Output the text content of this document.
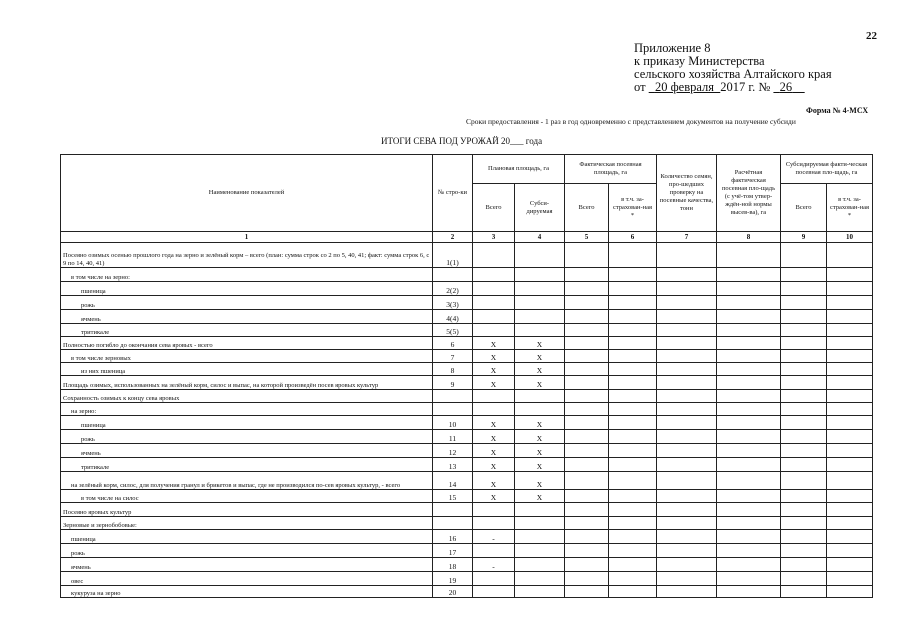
22
Приложение 8
к приказу Министерства
сельского хозяйства Алтайского края
от 20 февраля 2017 г. № 26
Форма № 4-МСХ
Сроки предоставления - 1 раз в год одновременно с представлением документов на получение субсиди
ИТОГИ СЕВА ПОД УРОЖАЙ 20___ года
Наименование показателей	№ стро-ки	Плановая площадь, га		Фактическая посевная площадь, га		Количество семян, про-шедших проверку на посевные качества, тонн	Расчётная фактическая посевная пло-щадь (с учё-том утвер-ждён-ной нормы высев-ва), га	Субсидируемая факти-ческая посевная пло-щадь, га	
		Всего	Субси-дируемая	Всего	в т.ч. за-страхован-ная *			Всего	в т.ч. за-страхован-ная *
1	2	3	4	5	6	7	8	9	10
Посеяно озимых осенью прошлого года на зерно и зелёный корм – всего (план: сумма строк со 2 по 5, 40, 41; факт: сумма строк 6, с 9 по 14, 40, 41)	1(1)								
в том числе на зерно:									
пшеница	2(2)								
рожь	3(3)								
ячмень	4(4)								
тритикале	5(5)								
Полностью погибло до окончания сева яровых - всего	6	X	X						
в том числе зерновых	7	X	X						
из них пшеница	8	X	X						
Площадь озимых, использованных на зелёный корм, силос и выпас, на которой произведён посев яровых культур	9	X	X						
Сохранность озимых к концу сева яровых									
на зерно:									
пшеница	10	X	X						
рожь	11	X	X						
ячмень	12	X	X						
тритикале	13	X	X						
на зелёный корм, силос, для получения гранул и брикетов и выпас, где не производился по-сев яровых культур, - всего	14	X	X						
в том числе на силос	15	X	X						
Посеяно яровых культур									
Зерновые и зернобобовые:									
пшеница	16	-							
рожь	17								
ячмень	18	-							
овес	19								
кукуруза на зерно	20								
